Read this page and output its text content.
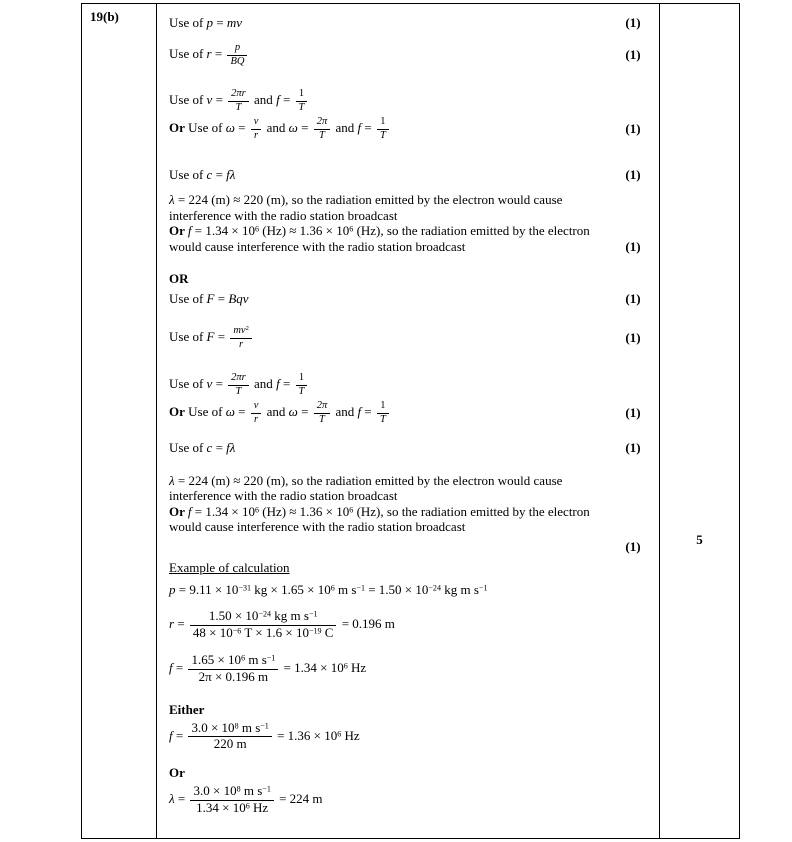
19(b)	Use of p = mv	(1)
Use of $r = \frac{p}{BQ}$	(1)
Use of $v = \frac{2\pi r}{T}$ and $f = \frac{1}{T}$
Or Use of $\omega = \frac{v}{r}$ and $\omega = \frac{2\pi}{T}$ and $f = \frac{1}{T}$	(1)
Use of c = fλ	(1)
λ = 224 (m) ≈ 220 (m), so the radiation emitted by the electron would cause interference with the radio station broadcast
Or $f = 1.34 \times 10^6$ $(Hz) \approx 1.36 \times 10^6$ (Hz), so the radiation emitted by the electron would cause interference with the radio station broadcast	(1)
OR
Use of F = Bqv	(1)
Use of $F = \frac{mv^2}{r}$	(1)
Use of $v = \frac{2\pi r}{T}$ and $f = \frac{1}{T}$
Or Use of $\omega = \frac{v}{r}$ and $\omega = \frac{2\pi}{T}$ and $f = \frac{1}{T}$	(1)
Use of c = fλ	(1)
λ = 224 (m) ≈ 220 (m), so the radiation emitted by the electron would cause interference with the radio station broadcast
Or $f = 1.34 \times 10^6$ $(Hz) \approx 1.36 \times 10^6$ (Hz), so the radiation emitted by the electron would cause interference with the radio station broadcast
(1)
Example of calculation
$p = 9.11 \times 10^{-31}$ kg × $1.65 \times 10^6$ m $s^{-1} = 1.50 \times 10^{-24}$ kg m $s^{-1}$
$r = \frac{1.50 \times 10^{-24} kg m s^{-1}}{48 \times 10^{-6} T \times 1.6 \times 10^{-19} C} = 0.196$ m
$f = \frac{1.65 \times 10^6 m s^{-1}}{2\pi \times 0.196 m} = 1.34 \times 10^6$ Hz
Either
$f = \frac{3.0 \times 10^8 m s^{-1}}{220 m} = 1.36 \times 10^6$ Hz
Or
$\lambda = \frac{3.0 \times 10^8 m s^{-1}}{1.34 \times 10^6 Hz} = 224$ m
5
